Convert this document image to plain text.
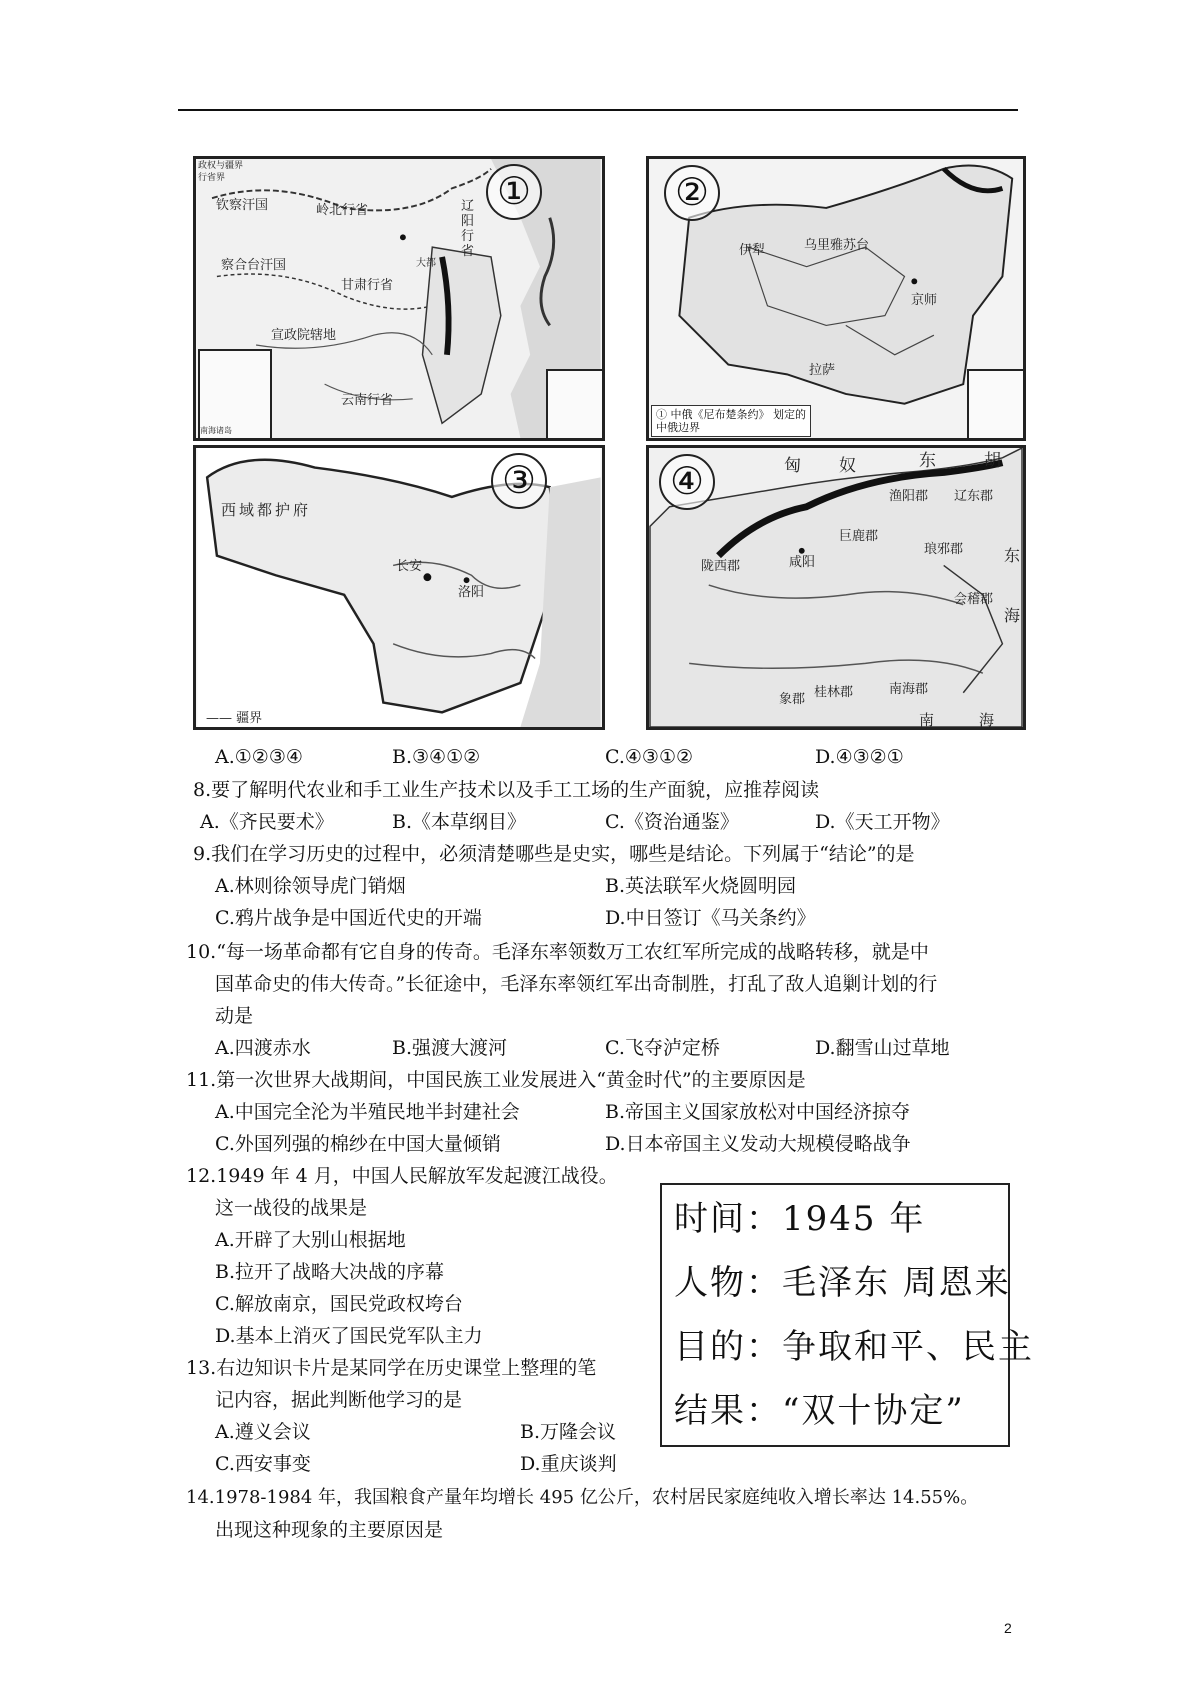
政权与疆界
行省界
钦察汗国	岭北行省	辽阳行省
察合台汗国
甘肃行省
宣政院辖地
云南行省
大都
①
南海诸岛
②
伊犁	乌里雅苏台
京师
拉萨
① 中俄《尼布楚条约》 划定的中俄边界
③
西域都护府
长安
洛阳
—— 疆界
④	匈 奴	东	胡
渔阳郡 辽东郡
巨鹿郡
咸阳
陇西郡
琅邪郡
会稽郡
南海郡
象郡 桂林郡
东
海
南	海
A.①②③④	B.③④①②	C.④③①②	D.④③②①
8.要了解明代农业和手工业生产技术以及手工工场的生产面貌，应推荐阅读
A.《齐民要术》	B.《本草纲目》	C.《资治通鉴》	D.《天工开物》
9.我们在学习历史的过程中，必须清楚哪些是史实，哪些是结论。下列属于“结论”的是
A.林则徐领导虎门销烟	B.英法联军火烧圆明园
C.鸦片战争是中国近代史的开端	D.中日签订《马关条约》
10.“每一场革命都有它自身的传奇。毛泽东率领数万工农红军所完成的战略转移，就是中
国革命史的伟大传奇。”长征途中，毛泽东率领红军出奇制胜，打乱了敌人追剿计划的行
动是
A.四渡赤水	B.强渡大渡河	C.飞夺泸定桥	D.翻雪山过草地
11.第一次世界大战期间，中国民族工业发展进入“黄金时代”的主要原因是
A.中国完全沦为半殖民地半封建社会	B.帝国主义国家放松对中国经济掠夺
C.外国列强的棉纱在中国大量倾销	D.日本帝国主义发动大规模侵略战争
12.1949 年 4 月，中国人民解放军发起渡江战役。
这一战役的战果是
A.开辟了大别山根据地
B.拉开了战略大决战的序幕
C.解放南京，国民党政权垮台
D.基本上消灭了国民党军队主力
13.右边知识卡片是某同学在历史课堂上整理的笔
记内容，据此判断他学习的是
A.遵义会议	B.万隆会议
C.西安事变	D.重庆谈判
时间：1945 年
人物：毛泽东 周恩来
目的：争取和平、民主
结果：“双十协定”
14.1978-1984 年，我国粮食产量年均增长 495 亿公斤，农村居民家庭纯收入增长率达 14.55%。
出现这种现象的主要原因是
2
